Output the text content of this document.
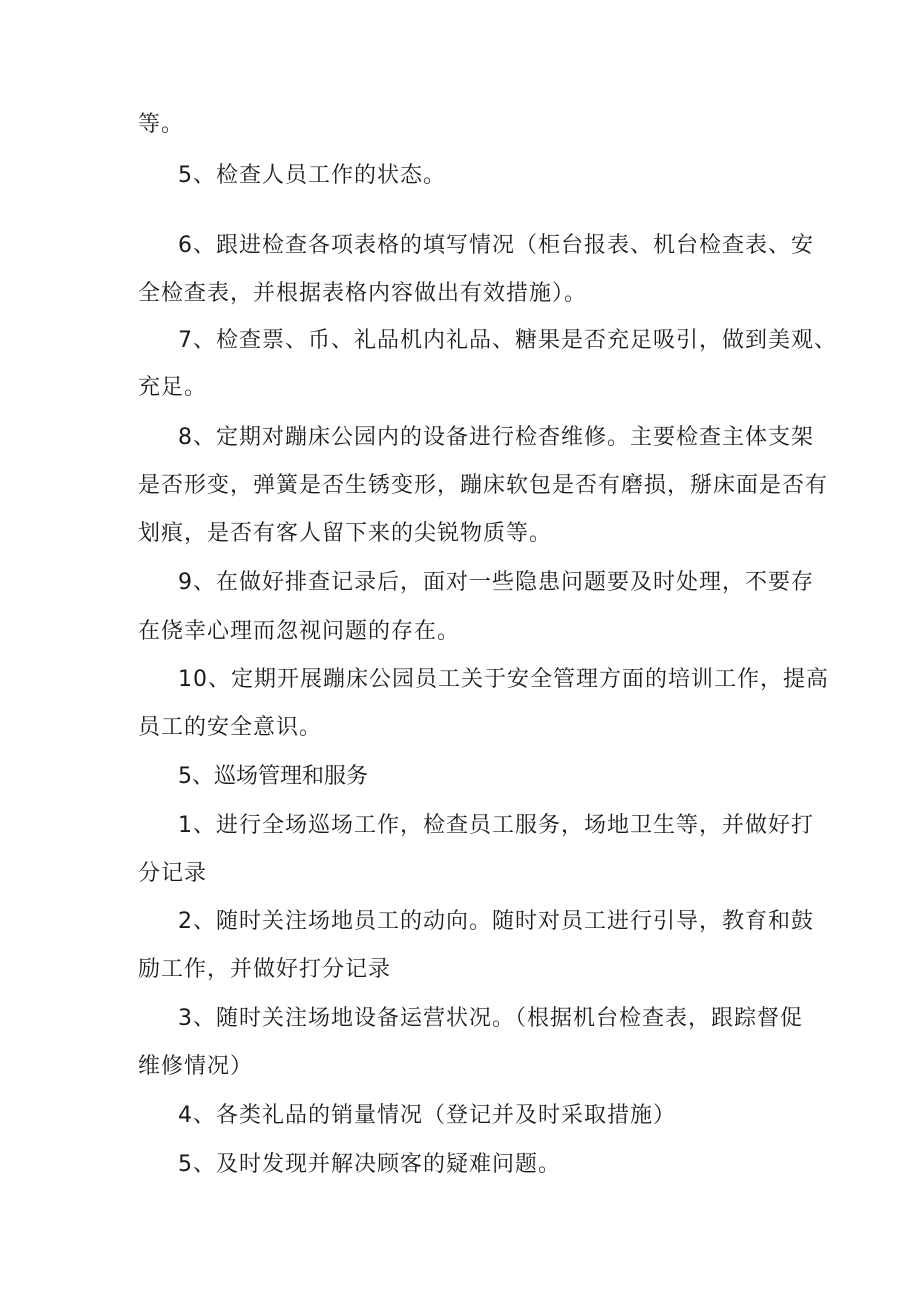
等。
5、检查人员工作的状态。
6、跟进检查各项表格的填写情况（柜台报表、机台检查表、安
全检查表，并根据表格内容做出有效措施）。
7、检查票、币、礼品机内礼品、糖果是否充足吸引，做到美观、
充足。
8、定期对蹦床公园内的设备进行检杳维修。主要检查主体支架
是否形变，弹簧是否生锈变形，蹦床软包是否有磨损，掰床面是否有
划痕，是否有客人留下来的尖锐物质等。
9、在做好排查记录后，面对一些隐患问题要及时处理，不要存
在侥幸心理而忽视问题的存在。
10、定期开展蹦床公园员工关于安全管理方面的培训工作，提高
员工的安全意识。
5、巡场管理和服务
1、进行全场巡场工作，检查员工服务，场地卫生等，并做好打
分记录
2、随时关注场地员工的动向。随时对员工进行引导，教育和鼓
励工作，并做好打分记录
3、随时关注场地设备运营状况。（根据机台检查表，跟踪督促
维修情况）
4、各类礼品的销量情况（登记并及时采取措施）
5、及时发现并解决顾客的疑难问题。
